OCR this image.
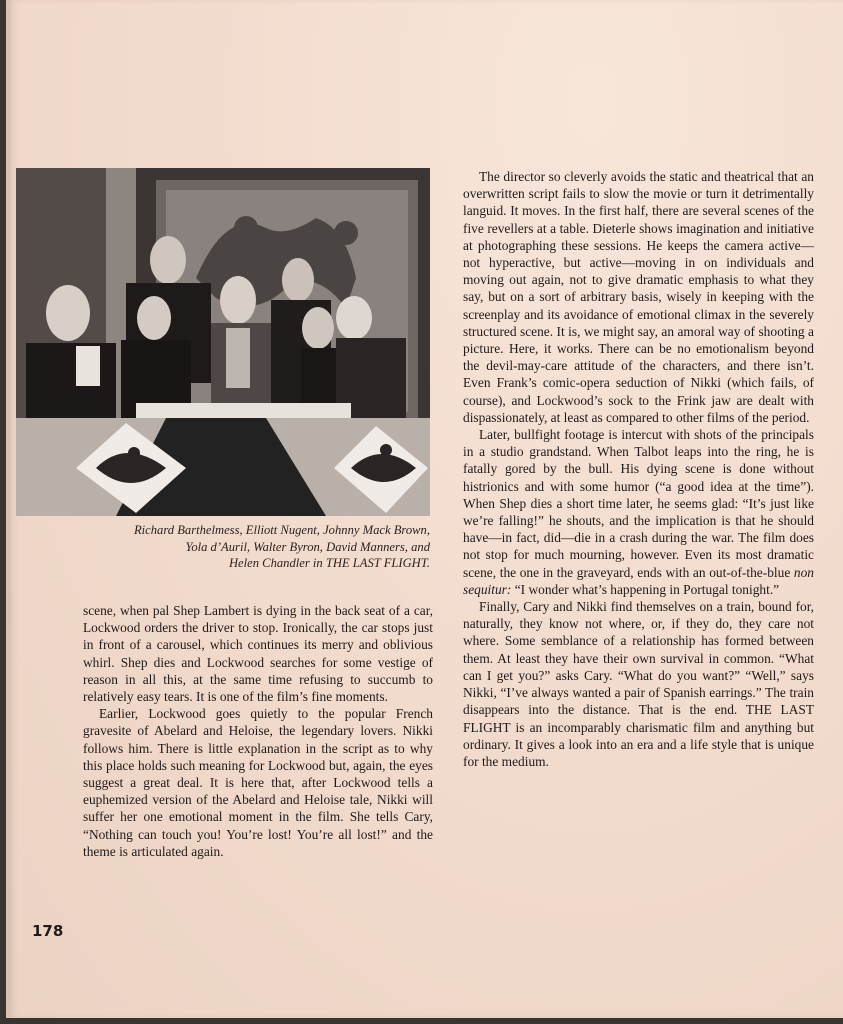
Richard Barthelmess, Elliott Nugent, Johnny Mack Brown,
Yola d’Auril, Walter Byron, David Manners, and
Helen Chandler in THE LAST FLIGHT.

scene, when pal Shep Lambert is dying in the back seat of a car, Lockwood orders the driver to stop. Ironically, the car stops just in front of a carousel, which continues its merry and oblivious whirl. Shep dies and Lockwood searches for some vestige of reason in all this, at the same time refusing to succumb to relatively easy tears. It is one of the film’s fine moments.

Earlier, Lockwood goes quietly to the popular French gravesite of Abelard and Heloise, the legendary lovers. Nikki follows him. There is little explanation in the script as to why this place holds such meaning for Lockwood but, again, the eyes suggest a great deal. It is here that, after Lockwood tells a euphemized version of the Abelard and Heloise tale, Nikki will suffer her one emotional moment in the film. She tells Cary, “Nothing can touch you! You’re lost! You’re all lost!” and the theme is articulated again.

The director so cleverly avoids the static and theatrical that an overwritten script fails to slow the movie or turn it detrimentally languid. It moves. In the first half, there are several scenes of the five revellers at a table. Dieterle shows imagination and initiative at photographing these sessions. He keeps the camera active—not hyperactive, but active—moving in on individuals and moving out again, not to give dramatic emphasis to what they say, but on a sort of arbitrary basis, wisely in keeping with the screenplay and its avoidance of emotional climax in the severely structured scene. It is, we might say, an amoral way of shooting a picture. Here, it works. There can be no emotionalism beyond the devil-may-care attitude of the characters, and there isn’t. Even Frank’s comic-opera seduction of Nikki (which fails, of course), and Lockwood’s sock to the Frink jaw are dealt with dispassionately, at least as compared to other films of the period.

Later, bullfight footage is intercut with shots of the principals in a studio grandstand. When Talbot leaps into the ring, he is fatally gored by the bull. His dying scene is done without histrionics and with some humor (“a good idea at the time”). When Shep dies a short time later, he seems glad: “It’s just like we’re falling!” he shouts, and the implication is that he should have—in fact, did—die in a crash during the war. The film does not stop for much mourning, however. Even its most dramatic scene, the one in the graveyard, ends with an out-of-the-blue non sequitur: “I wonder what’s happening in Portugal tonight.”

Finally, Cary and Nikki find themselves on a train, bound for, naturally, they know not where, or, if they do, they care not where. Some semblance of a relationship has formed between them. At least they have their own survival in common. “What can I get you?” asks Cary. “What do you want?” “Well,” says Nikki, “I’ve always wanted a pair of Spanish earrings.” The train disappears into the distance. That is the end. THE LAST FLIGHT is an incomparably charismatic film and anything but ordinary. It gives a look into an era and a life style that is unique for the medium.

178
